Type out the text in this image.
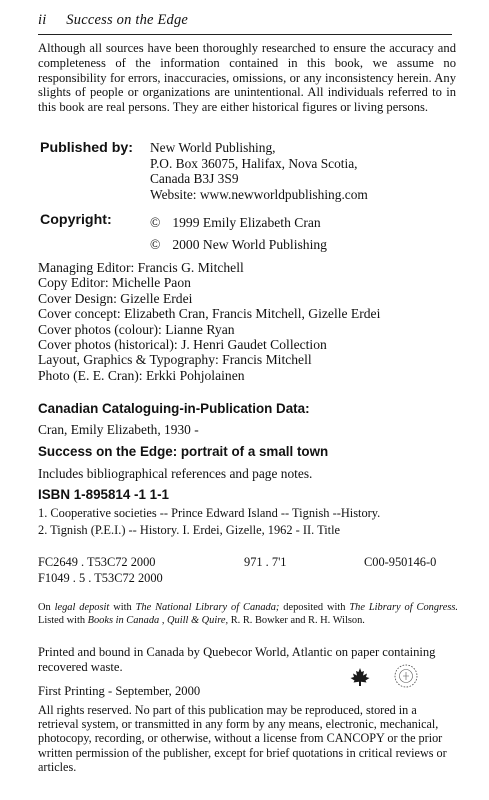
ii Success on the Edge
Although all sources have been thoroughly researched to ensure the accuracy and completeness of the information contained in this book, we assume no responsibility for errors, inaccuracies, omissions, or any inconsistency herein. Any slights of people or organizations are unintentional. All individuals referred to in this book are real persons. They are either historical figures or living persons.
Published by: New World Publishing,
P.O. Box 36075, Halifax, Nova Scotia,
Canada B3J 3S9
Website: www.newworldpublishing.com
Copyright:	© 1999 Emily Elizabeth Cran
© 2000 New World Publishing
Managing Editor: Francis G. Mitchell
Copy Editor: Michelle Paon
Cover Design: Gizelle Erdei
Cover concept: Elizabeth Cran, Francis Mitchell, Gizelle Erdei
Cover photos (colour): Lianne Ryan
Cover photos (historical): J. Henri Gaudet Collection
Layout, Graphics & Typography: Francis Mitchell
Photo (E. E. Cran): Erkki Pohjolainen
Canadian Cataloguing-in-Publication Data:
Cran, Emily Elizabeth, 1930 -
Success on the Edge: portrait of a small town
Includes bibliographical references and page notes.
ISBN 1-895814 -1 1-1
1. Cooperative societies -- Prince Edward Island -- Tignish --History.
2. Tignish (P.E.I.) -- History. I. Erdei, Gizelle, 1962 - II. Title
FC2649 . T53C72 2000
F1049 . 5 . T53C72 2000
971 . 7'1	C00-950146-0
On legal deposit with The National Library of Canada; deposited with The Library of Congress. Listed with Books in Canada , Quill & Quire, R. R. Bowker and R. H. Wilson.
Printed and bound in Canada by Quebecor World, Atlantic on paper containing recovered waste.
First Printing - September, 2000
All rights reserved. No part of this publication may be reproduced, stored in a retrieval system, or transmitted in any form by any means, electronic, mechanical, photocopy, recording, or otherwise, without a license from CANCOPY or the prior written permission of the publisher, except for brief quotations in critical reviews or articles.
